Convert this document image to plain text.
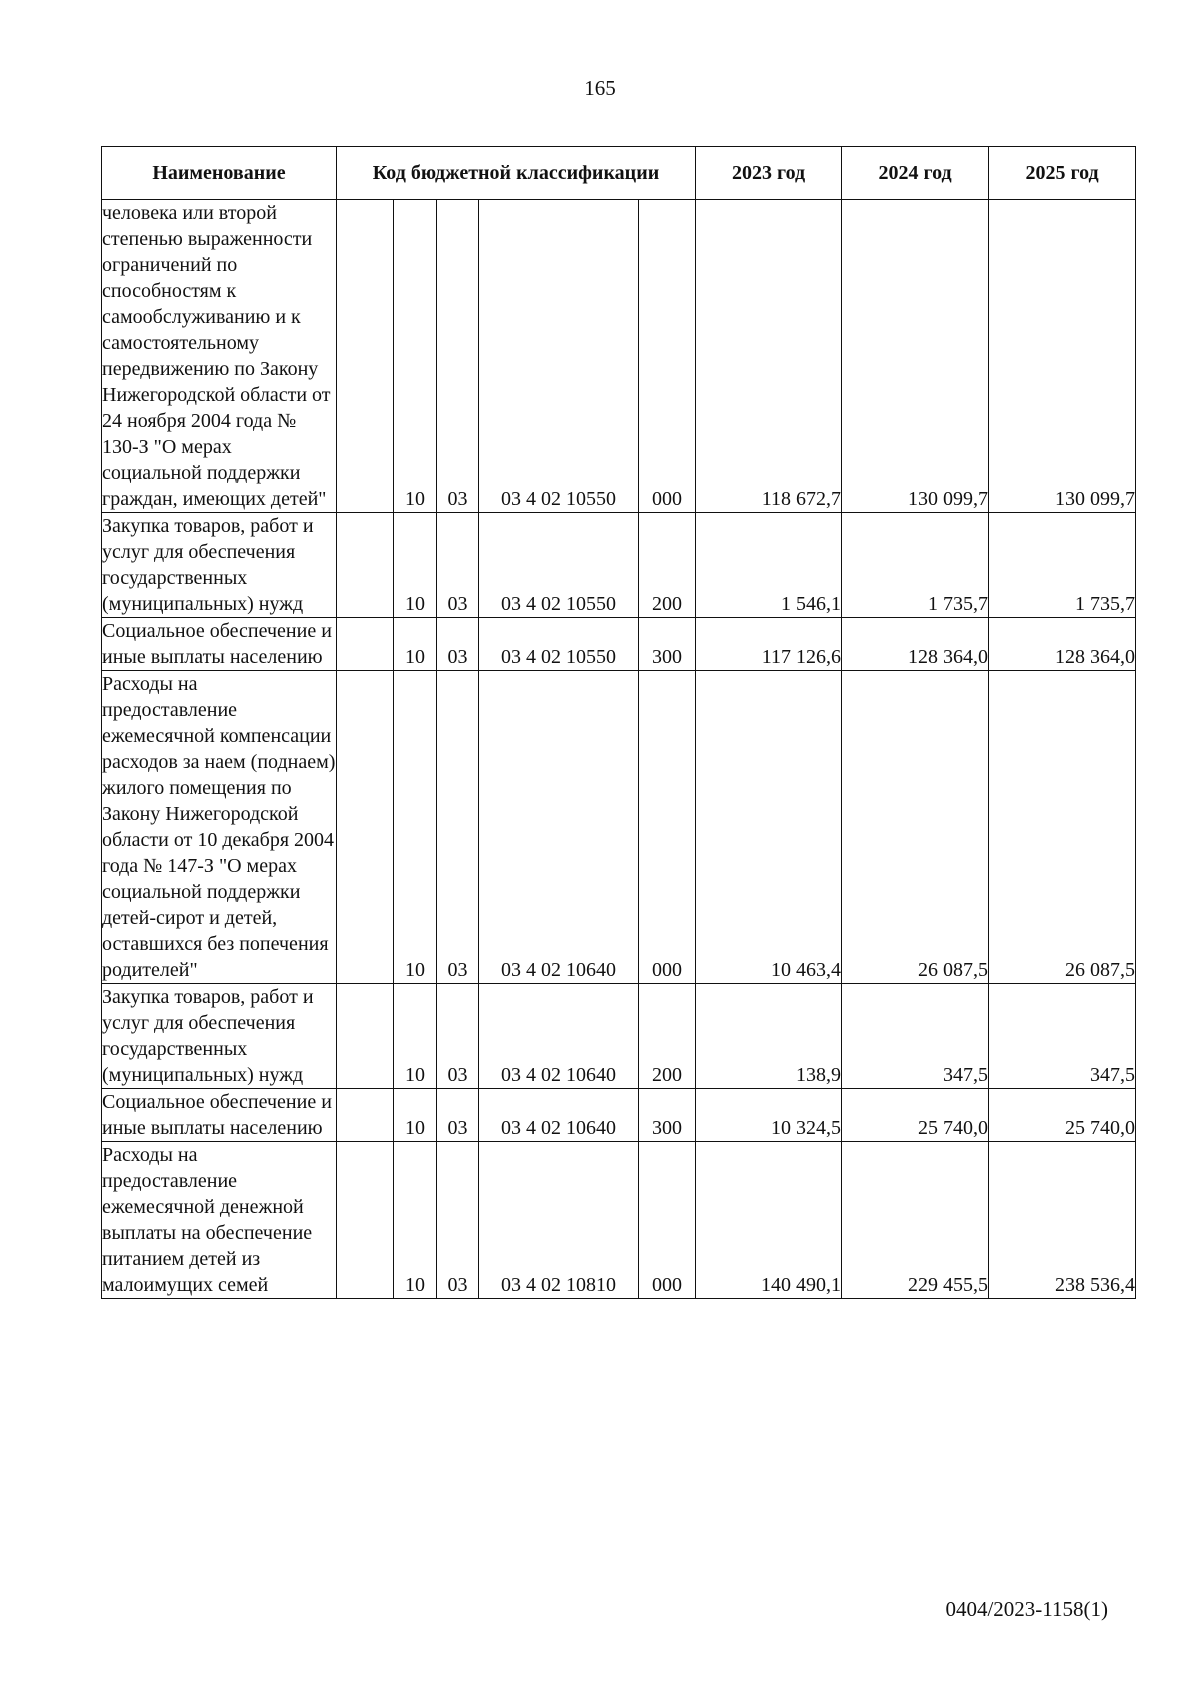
165
Наименование	Код бюджетной классификации					2023 год	2024 год	2025 год
человека или второй степенью выраженности ограничений по способностям к самообслуживанию и к самостоятельному передвижению по Закону Нижегородской области от 24 ноября 2004 года № 130-З "О мерах социальной поддержки граждан, имеющих детей"		10	03	03 4 02 10550	000	118 672,7	130 099,7	130 099,7
Закупка товаров, работ и услуг для обеспечения государственных (муниципальных) нужд		10	03	03 4 02 10550	200	1 546,1	1 735,7	1 735,7
Социальное обеспечение и иные выплаты населению		10	03	03 4 02 10550	300	117 126,6	128 364,0	128 364,0
Расходы на предоставление ежемесячной компенсации расходов за наем (поднаем) жилого помещения по Закону Нижегородской области от 10 декабря 2004 года № 147-З "О мерах социальной поддержки детей-сирот и детей, оставшихся без попечения родителей"		10	03	03 4 02 10640	000	10 463,4	26 087,5	26 087,5
Закупка товаров, работ и услуг для обеспечения государственных (муниципальных) нужд		10	03	03 4 02 10640	200	138,9	347,5	347,5
Социальное обеспечение и иные выплаты населению		10	03	03 4 02 10640	300	10 324,5	25 740,0	25 740,0
Расходы на предоставление ежемесячной денежной выплаты на обеспечение питанием детей из малоимущих семей		10	03	03 4 02 10810	000	140 490,1	229 455,5	238 536,4
0404/2023-1158(1)
